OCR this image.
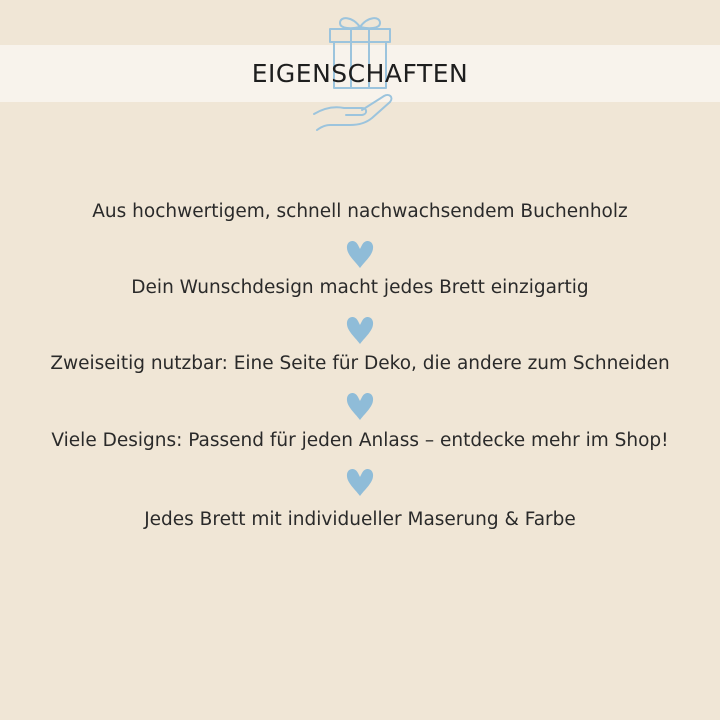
EIGENSCHAFTEN
Aus hochwertigem, schnell nachwachsendem Buchenholz
Dein Wunschdesign macht jedes Brett einzigartig
Zweiseitig nutzbar: Eine Seite für Deko, die andere zum Schneiden
Viele Designs: Passend für jeden Anlass – entdecke mehr im Shop!
Jedes Brett mit individueller Maserung & Farbe
